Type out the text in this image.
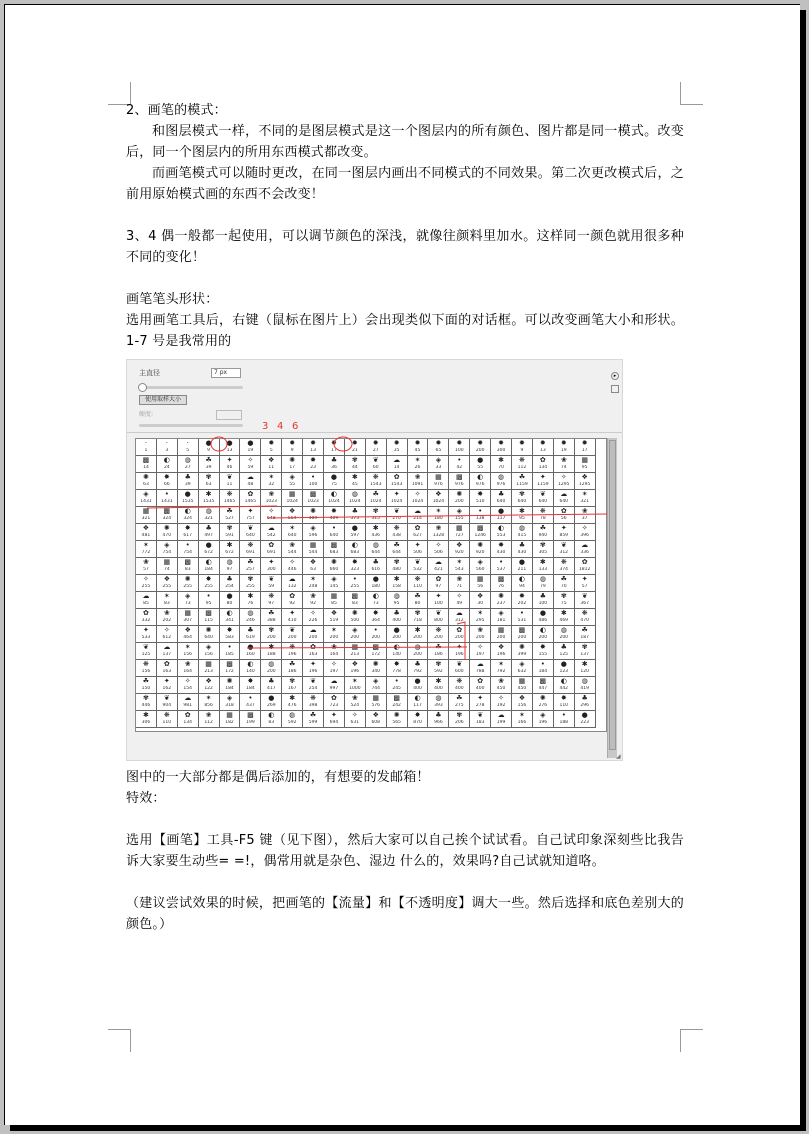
2、画笔的模式：

和图层模式一样，不同的是图层模式是这一个图层内的所有颜色、图片都是同一模式。改变后，同一个图层内的所用东西模式都改变。

而画笔模式可以随时更改，在同一图层内画出不同模式的不同效果。第二次更改模式后，之前用原始模式画的东西不会改变！

3、4 偶一般都一起使用，可以调节颜色的深浅，就像往颜料里加水。这样同一颜色就用很多种不同的变化！

画笔笔头形状：

选用画笔工具后，右键（鼠标在图片上）会出现类似下面的对话框。可以改变画笔大小和形状。1-7 号是我常用的

主直径	7 px
使用取样大小
硬度:
▸
·
1
·
3
·
5
●
9
●
13
●
19
✹
5
✹
9
✹
13
✹
17
✹
21
✹
27
✹
35
✹
45
✹
65
✹
100
✹
200
✹
300
✹
9
✹
13
✹
19
✹
17
▩
14
◐
24
◍
27
☘
39
✦
46
✧
59
❖
11
✺
17
✸
23
♣
36
✾
44
❦
60
☁
14
✶
26
◈
33
•
42
●
55
✱
70
❋
112
✿
134
❀
74
▦
95
✺
63
✸
66
♣
39
✾
63
❦
11
☁
48
✶
32
◈
55
•
100
●
75
✱
45
❋
1543
✿
1543
❀
1091
▦
976
▩
976
◐
976
◍
976
☘
1159
✦
1159
✧
1295
❖
1295
◈
1431
•
1431
●
1535
✱
1535
❋
1465
✿
1465
❀
1023
▦
1024
▩
1023
◐
1024
◍
1024
☘
1024
✦
1024
✧
1024
❖
1024
✺
200
✸
510
♣
640
✾
640
❦
640
☁
640
✶
321
▦
321
▩
324
◐
324
◍
321
☘
527
✦
757
✧
648
❖
554
✺
489
✸
409
♣
373
✾
315
❦
270
☁
214
✶
180
◈
155
•
138
●
117
✱
95
❋
78
✿
56
❀
37
❖
481
✺
470
✸
617
♣
497
✾
591
❦
640
☁
542
✶
640
◈
596
•
640
●
597
✱
436
❋
438
✿
627
❀
1328
▦
727
▩
1246
◐
553
◍
415
☘
940
✦
859
✧
396
✶
772
◈
754
•
754
●
672
✱
672
❋
691
✿
691
❀
544
▦
544
▩
683
◐
683
◍
644
☘
644
✦
506
✧
506
❖
920
✺
920
✸
430
♣
430
✾
305
❦
312
☁
336
❀
57
▦
74
▩
83
◐
184
◍
97
☘
257
✦
300
✧
446
❖
63
✺
660
✸
323
♣
616
✾
480
❦
532
☁
421
✶
543
◈
560
•
537
●
211
✱
133
❋
374
✿
1812
✧
255
❖
255
✺
255
✸
255
♣
254
✾
255
❦
59
☁
132
✶
248
◈
145
•
255
●
180
✱
158
❋
110
✿
97
❀
71
▦
56
▩
76
◐
94
◍
79
☘
70
✦
57
☁
85
✶
83
◈
73
•
95
●
80
✱
76
❋
97
✿
92
❀
92
▦
85
▩
83
◐
73
◍
95
☘
80
✦
100
✧
49
❖
30
✺
237
✸
202
♣
100
✾
75
❦
367
✿
332
❀
202
▦
307
▩
115
◐
341
◍
246
☘
388
✦
410
✧
226
❖
519
✺
500
✸
364
♣
400
✾
718
❦
800
☁
312
✶
295
◈
181
•
531
●
486
✱
469
❋
470
✦
533
✧
612
❖
464
✺
640
✸
583
♣
619
✾
200
❦
200
☁
200
✶
200
◈
200
•
200
●
200
✱
200
❋
200
✿
200
❀
200
▦
200
▩
200
◐
200
◍
200
☘
187
❦
125
☁
137
✶
156
◈
156
•
185
●
160
✱
188
❋
196
✿
163
❀
164
▦
213
▩
172
◐
140
◍
200
☘
186
✦
196
✧
197
❖
196
✺
399
✸
155
♣
125
✾
137
❋
156
✿
163
❀
164
▦
213
▩
172
◐
140
◍
200
☘
186
✦
196
✧
197
❖
196
✺
340
✸
778
♣
792
✾
592
❦
600
☁
788
✶
792
◈
632
•
184
●
123
✱
120
☘
150
✦
162
✧
154
❖
122
✺
184
✸
184
♣
417
✾
167
❦
254
☁
997
✶
1000
◈
744
•
245
●
400
✱
400
❋
400
✿
400
❀
450
▦
450
▩
447
◐
442
◍
419
✾
446
❦
904
☁
981
✶
856
◈
318
•
437
●
269
✱
476
❋
398
✿
723
❀
524
▦
576
▩
242
◐
117
◍
393
☘
275
✦
278
✧
192
❖
156
✺
276
✸
110
♣
296
✱
306
❋
110
✿
134
❀
112
▦
182
▩
199
◐
83
◍
592
☘
599
✦
694
✧
631
❖
608
✺
565
✸
870
♣
966
✾
206
❦
183
☁
199
✶
166
◈
196
•
188
●
223
◢
3 4 6

图中的一大部分都是偶后添加的，有想要的发邮箱！

特效：

选用【画笔】工具-F5 键（见下图），然后大家可以自己挨个试试看。自己试印象深刻些比我告诉大家要生动些= =!，偶常用就是杂色、湿边 什么的，效果吗?自己试就知道咯。

（建议尝试效果的时候，把画笔的【流量】和【不透明度】调大一些。然后选择和底色差别大的颜色。）
